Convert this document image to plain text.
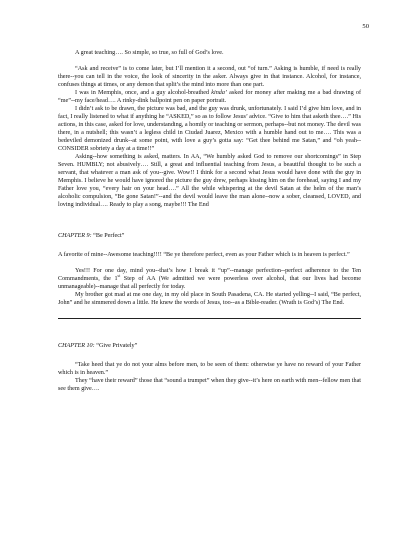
50

A great teaching…. So simple, so true, so full of God’s love.

“Ask and receive” is to come later, but I’ll mention it a second, out “of turn.” Asking is humble, if need is really there--you can tell in the voice, the look of sincerity in the asker. Always give in that instance. Alcohol, for instance, confuses things at times, or any demon that split’s the mind into more than one part.

I was in Memphis, once, and a guy alcohol-breathed kinda’ asked for money after making me a bad drawing of “me”--my face/head…. A rinky-dink ballpoint pen on paper portrait.

I didn’t ask to be drawn, the picture was bad, and the guy was drunk, unfortunately. I said I’d give him love, and in fact, I really listened to what if anything he “ASKED,” so as to follow Jesus’ advice. “Give to him that asketh thee….” His actions, in this case, asked for love, understanding, a homily or teaching or sermon, perhaps--but not money. The devil was there, in a nutshell; this wasn’t a legless child in Ciudad Juarez, Mexico with a humble hand out to me…. This was a bedeviled demonized drunk--at some point, with love a guy’s gotta say: “Get thee behind me Satan,” and “oh yeah--CONSIDER sobriety a day at a time!!”

Asking--how something is asked, matters. In AA, “We humbly asked God to remove our shortcomings” in Step Seven. HUMBLY; not abusively…. Still, a great and influential teaching from Jesus, a beautiful thought to be such a servant, that whatever a man ask of you--give. Wow!! I think for a second what Jesus would have done with the guy in Memphis. I believe he would have ignored the picture the guy drew, perhaps kissing him on the forehead, saying I and my Father love you, “every hair on your head….” All the while whispering at the devil Satan at the helm of the man’s alcoholic compulsion, “Be gone Satan!”--and the devil would leave the man alone--now a sober, cleansed, LOVED, and loving individual…. Ready to play a song, maybe!!! The End

CHAPTER 9: “Be Perfect”

A favorite of mine--Awesome teaching!!!! “Be ye therefore perfect, even as your Father which is in heaven is perfect.”

Yes!!! For one day, mind you--that’s how I break it “up”--manage perfection--perfect adherence to the Ten Commandments, the 1st Step of AA (We admitted we were powerless over alcohol, that our lives had become unmanageable)--manage that all perfectly for today.

My brother got mad at me one day, in my old place in South Pasadena, CA. He started yelling--I said, “Be perfect, John” and he simmered down a little. He knew the words of Jesus, too--as a Bible-reader. (Wrath is God’s) The End.

CHAPTER 10: “Give Privately”

“Take heed that ye do not your alms before men, to be seen of them: otherwise ye have no reward of your Father which is in heaven.”

They “have their reward” those that “sound a trumpet” when they give--it’s here on earth with men--fellow men that see them give….
